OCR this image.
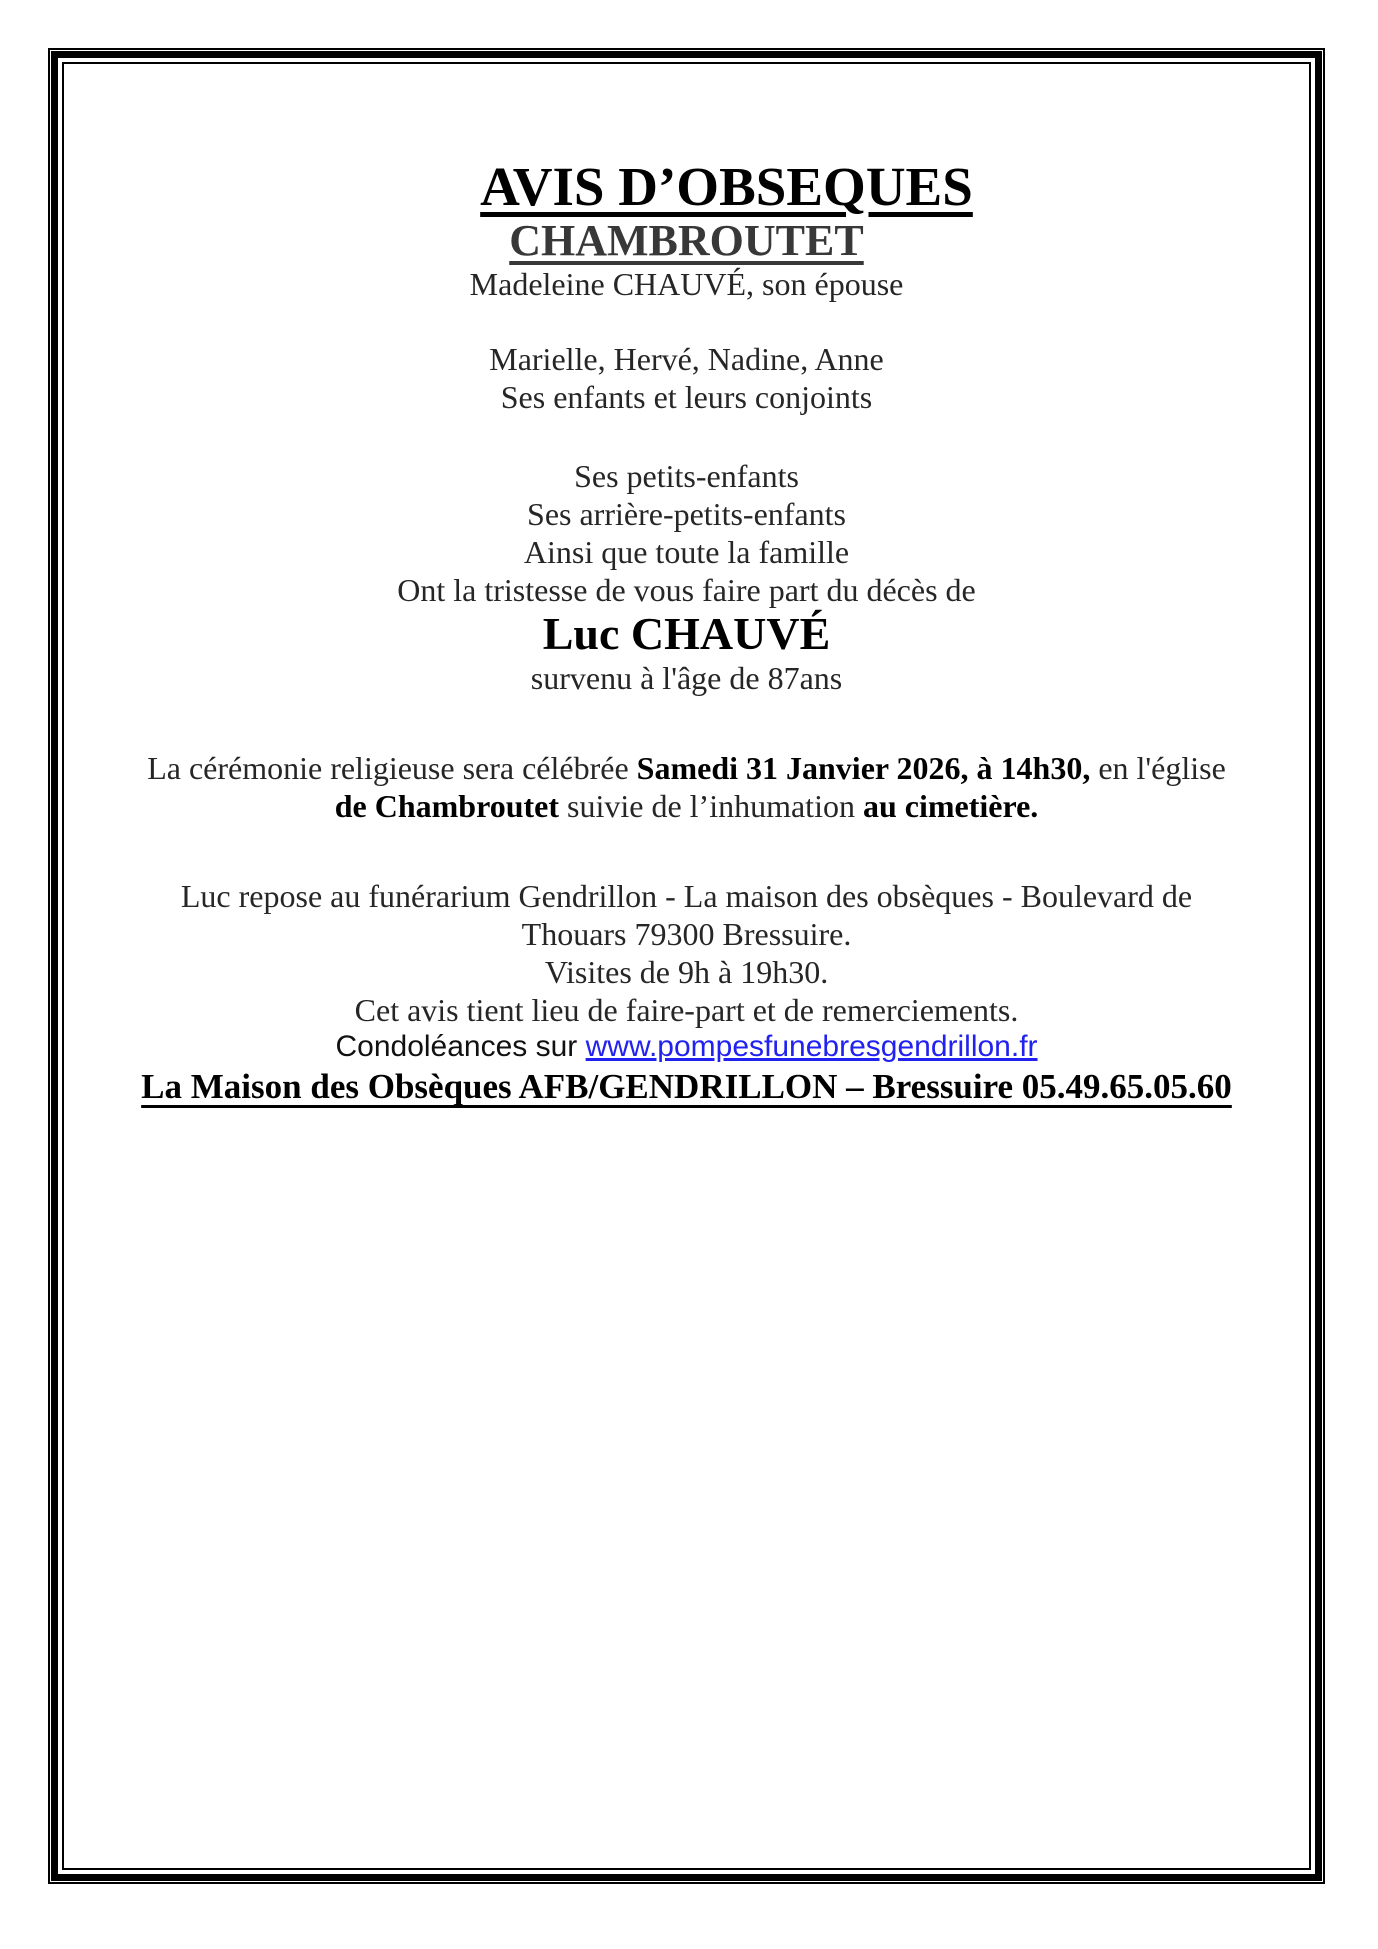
AVIS D’OBSEQUES
CHAMBROUTET

Madeleine CHAUVÉ, son épouse

Marielle, Hervé, Nadine, Anne
Ses enfants et leurs conjoints
Ses petits-enfants
Ses arrière-petits-enfants

Ainsi que toute la famille

Ont la tristesse de vous faire part du décès de

Luc CHAUVÉ

survenu à l'âge de 87ans

La cérémonie religieuse sera célébrée Samedi 31 Janvier 2026, à 14h30, en l'église
de Chambroutet suivie de l’inhumation au cimetière.
Luc repose au funérarium Gendrillon - La maison des obsèques - Boulevard de
Thouars 79300 Bressuire.
Visites de 9h à 19h30.

Cet avis tient lieu de faire-part et de remerciements.

Condoléances sur www.pompesfunebresgendrillon.fr

La Maison des Obsèques AFB/GENDRILLON – Bressuire 05.49.65.05.60
